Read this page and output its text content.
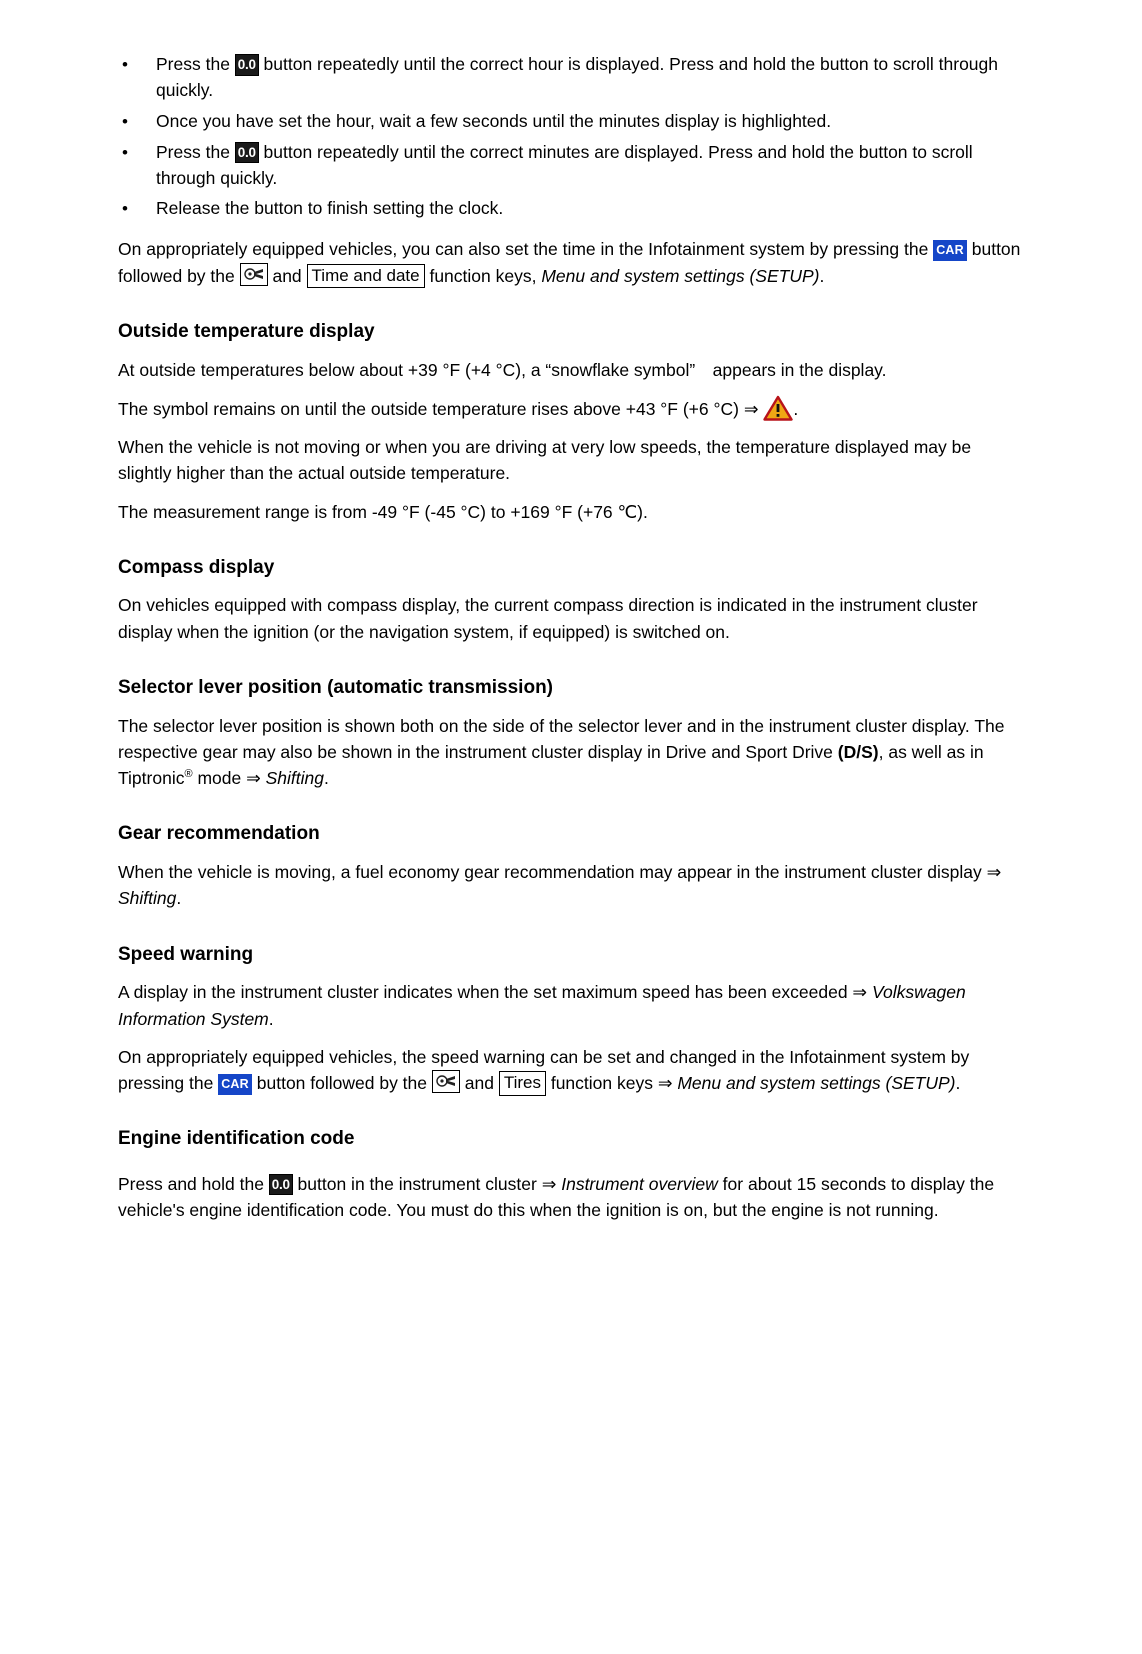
• Press the 0.0 button repeatedly until the correct hour is displayed. Press and hold the button to scroll through quickly.
• Once you have set the hour, wait a few seconds until the minutes display is highlighted.
• Press the 0.0 button repeatedly until the correct minutes are displayed. Press and hold the button to scroll through quickly.
• Release the button to finish setting the clock.

On appropriately equipped vehicles, you can also set the time in the Infotainment system by pressing the CAR button followed by the
and Time and date function keys, Menu and system settings (SETUP).

Outside temperature display

At outside temperatures below about +39 °F (+4 °C), a “snowflake symbol”  appears in the display.

The symbol remains on until the outside temperature rises above +43 °F (+6 °C) ⇒ .

When the vehicle is not moving or when you are driving at very low speeds, the temperature displayed may be slightly higher than the actual outside temperature.

The measurement range is from -49 °F (-45 °C) to +169 °F (+76 ℃).

Compass display

On vehicles equipped with compass display, the current compass direction is indicated in the instrument cluster display when the ignition (or the navigation system, if equipped) is switched on.

Selector lever position (automatic transmission)

The selector lever position is shown both on the side of the selector lever and in the instrument cluster display. The respective gear may also be shown in the instrument cluster display in Drive and Sport Drive (D/S), as well as in Tiptronic® mode ⇒ Shifting.

Gear recommendation

When the vehicle is moving, a fuel economy gear recommendation may appear in the instrument cluster display ⇒ Shifting.

Speed warning

A display in the instrument cluster indicates when the set maximum speed has been exceeded ⇒ Volkswagen Information System.

On appropriately equipped vehicles, the speed warning can be set and changed in the Infotainment system by pressing the CAR button followed by the
and Tires function keys ⇒ Menu and system settings (SETUP).

Engine identification code

Press and hold the 0.0 button in the instrument cluster ⇒ Instrument overview for about 15 seconds to display the vehicle's engine identification code. You must do this when the ignition is on, but the engine is not running.
